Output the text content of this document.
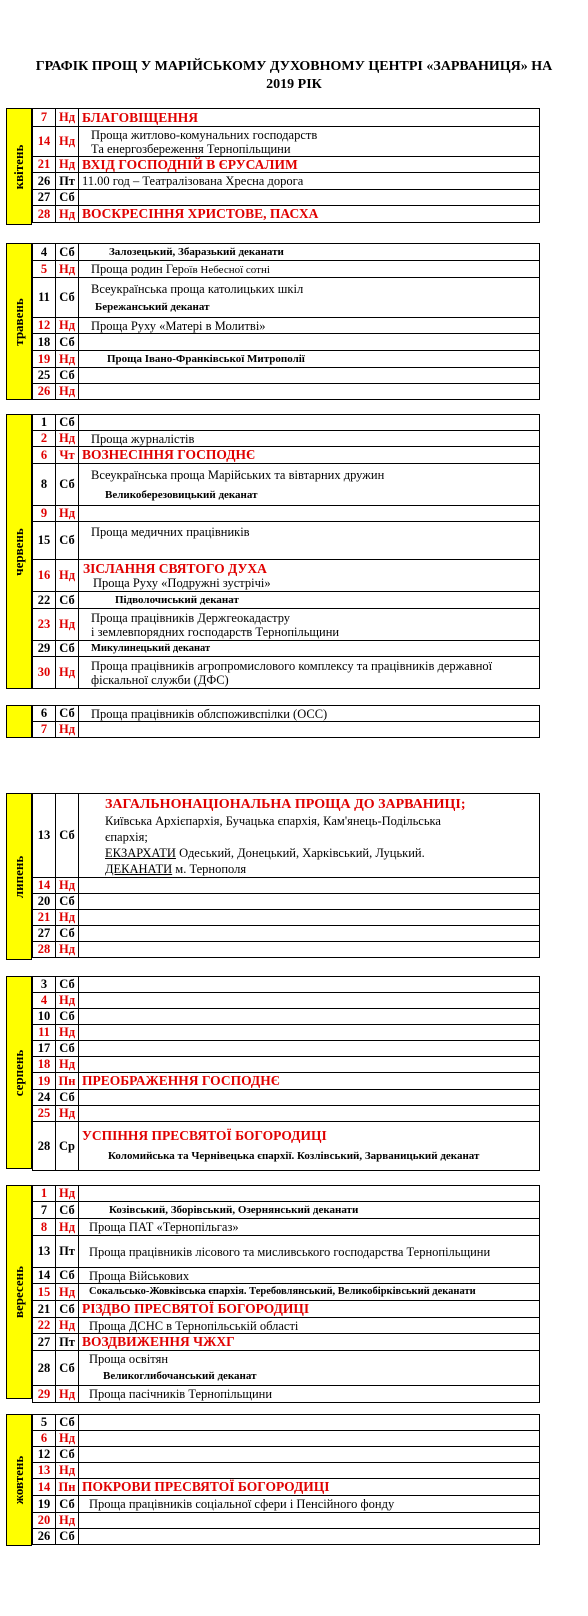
ГРАФІК ПРОЩ У МАРІЙСЬКОМУ ДУХОВНОМУ ЦЕНТРІ «ЗАРВАНИЦЯ» НА
2019 РІК
квітень
7	Нд	БЛАГОВІЩЕННЯ
14	Нд	Проща житлово-комунальних господарств
Та енергозбереження Тернопільщини

21	Нд	ВХІД ГОСПОДНІЙ В ЄРУСАЛИМ
26	Пт	11.00 год – Театралізована Хресна дорога
27	Сб	
28	Нд	ВОСКРЕСІННЯ ХРИСТОВЕ, ПАСХА
травень
4	Сб	Залозецький, Збаразький деканати
5	Нд	Проща родин Героїв Небесної сотні
11	Сб	Всеукраїнська проща католицьких шкіл
Бережанський деканат

12	Нд	Проща Руху «Матері в Молитві»
18	Сб	
19	Нд	Проща Івано-Франківської Митрополії
25	Сб	
26	Нд	
червень
1	Сб	
2	Нд	Проща журналістів
6	Чт	ВОЗНЕСІННЯ ГОСПОДНЄ
8	Сб	Всеукраїнська проща Марійських та вівтарних дружин
Великоберезовицький деканат

9	Нд	
15	Сб	Проща медичних працівників
16	Нд	ЗІСЛАННЯ СВЯТОГО ДУХА
Проща Руху «Подружні зустрічі»

22	Сб	Підволочиський деканат
23	Нд	Проща працівників Держгеокадастру
і землевпорядних господарств Тернопільщини

29	Сб	Микулинецький деканат
30	Нд	Проща працівників агропромислового комплексу та працівників державної
фіскальної служби (ДФС)
6	Сб	Проща працівників облспоживспілки (ОСС)
7	Нд	
липень
13	Сб	ЗАГАЛЬНОНАЦІОНАЛЬНА ПРОЩА ДО ЗАРВАНИЦІ;
Київська Архієпархія, Бучацька єпархія, Кам'янець-Подільська
єпархія;
ЕКЗАРХАТИ Одеський, Донецький, Харківський, Луцький.
ДЕКАНАТИ м. Тернополя

14	Нд	
20	Сб	
21	Нд	
27	Сб	
28	Нд	
серпень
3	Сб	
4	Нд	
10	Сб	
11	Нд	
17	Сб	
18	Нд	
19	Пн	ПРЕОБРАЖЕННЯ ГОСПОДНЄ
24	Сб	
25	Нд	
28	Ср	УСПІННЯ ПРЕСВЯТОЇ БОГОРОДИЦІ
Коломийська та Чернівецька єпархії. Козлівський, Зарваницький деканат
вересень
1	Нд	
7	Сб	Козівський, Зборівський, Озернянський деканати
8	Нд	Проща ПАТ «Тернопільгаз»
13	Пт	Проща працівників лісового та мисливського господарства Тернопільщини
14	Сб	Проща Військових
15	Нд	Сокальсько-Жовківська єпархія. Теребовлянський, Великобірківський деканати
21	Сб	РІЗДВО ПРЕСВЯТОЇ БОГОРОДИЦІ
22	Нд	Проща ДСНС в Тернопільській області
27	Пт	ВОЗДВИЖЕННЯ ЧЖХГ
28	Сб	Проща освітян
Великоглибочанський деканат

29	Нд	Проща пасічників Тернопільщини
жовтень
5	Сб	
6	Нд	
12	Сб	
13	Нд	
14	Пн	ПОКРОВИ ПРЕСВЯТОЇ БОГОРОДИЦІ
19	Сб	Проща працівників соціальної сфери і Пенсійного фонду
20	Нд	
26	Сб	
